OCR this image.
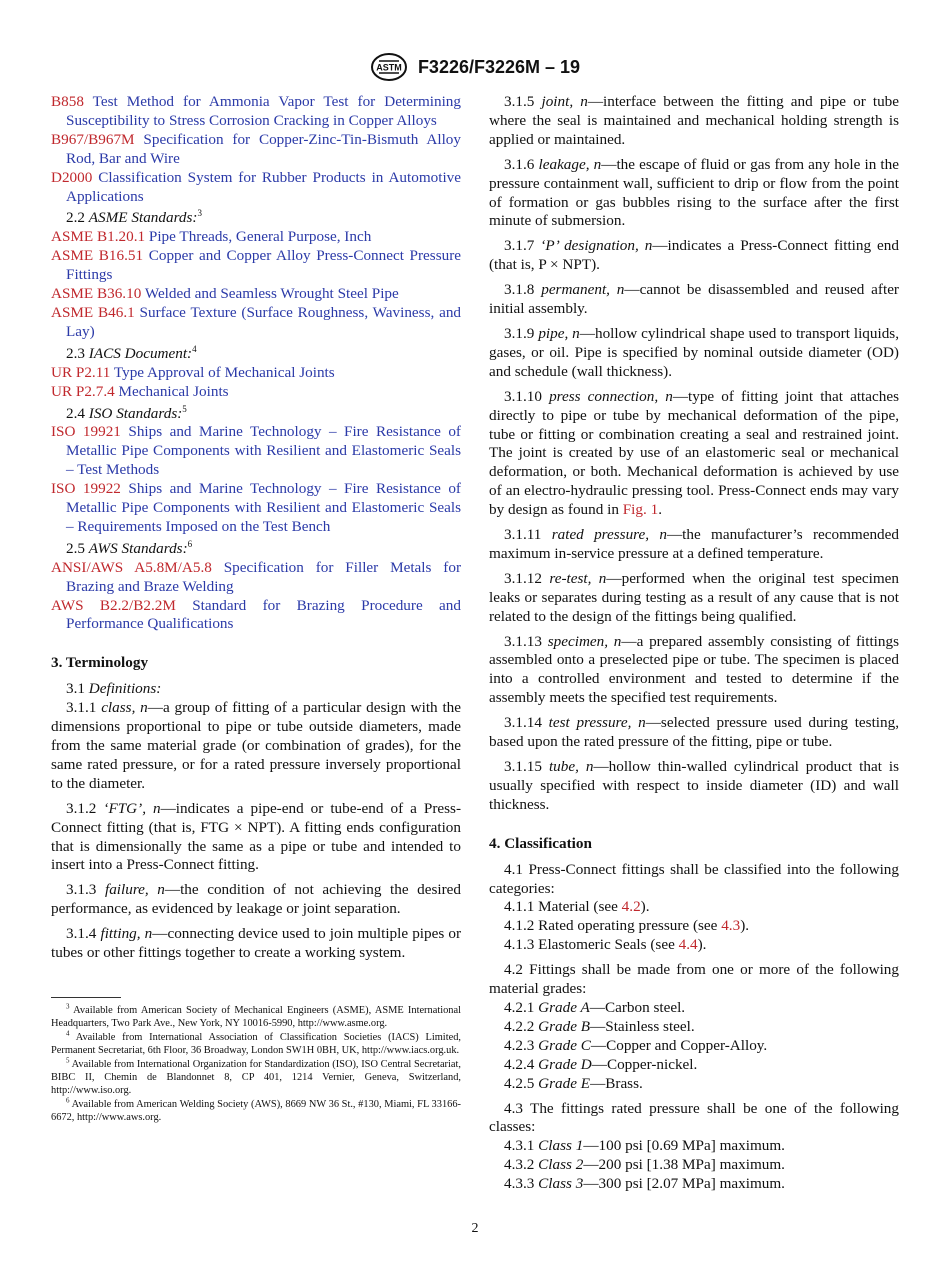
ASTM F3226/F3226M – 19
B858 Test Method for Ammonia Vapor Test for Determining Susceptibility to Stress Corrosion Cracking in Copper Alloys
B967/B967M Specification for Copper-Zinc-Tin-Bismuth Alloy Rod, Bar and Wire
D2000 Classification System for Rubber Products in Automotive Applications
2.2 ASME Standards:$^3$
ASME B1.20.1 Pipe Threads, General Purpose, Inch
ASME B16.51 Copper and Copper Alloy Press-Connect Pressure Fittings
ASME B36.10 Welded and Seamless Wrought Steel Pipe
ASME B46.1 Surface Texture (Surface Roughness, Waviness, and Lay)
2.3 IACS Document:$^4$
UR P2.11 Type Approval of Mechanical Joints
UR P2.7.4 Mechanical Joints
2.4 ISO Standards:$^5$
ISO 19921 Ships and Marine Technology – Fire Resistance of Metallic Pipe Components with Resilient and Elastomeric Seals – Test Methods
ISO 19922 Ships and Marine Technology – Fire Resistance of Metallic Pipe Components with Resilient and Elastomeric Seals – Requirements Imposed on the Test Bench
2.5 AWS Standards:$^6$
ANSI/AWS A5.8M/A5.8 Specification for Filler Metals for Brazing and Braze Welding
AWS B2.2/B2.2M Standard for Brazing Procedure and Performance Qualifications
3. Terminology
3.1 Definitions:
3.1.1 class, n—a group of fitting of a particular design with the dimensions proportional to pipe or tube outside diameters, made from the same material grade (or combination of grades), for the same rated pressure, or for a rated pressure inversely proportional to the diameter.
3.1.2 ‘FTG’, n—indicates a pipe-end or tube-end of a Press-Connect fitting (that is, FTG × NPT). A fitting ends configuration that is dimensionally the same as a pipe or tube and intended to insert into a Press-Connect fitting.
3.1.3 failure, n—the condition of not achieving the desired performance, as evidenced by leakage or joint separation.
3.1.4 fitting, n—connecting device used to join multiple pipes or tubes or other fittings together to create a working system.

$^3$ Available from American Society of Mechanical Engineers (ASME), ASME International Headquarters, Two Park Ave., New York, NY 10016-5990, http://www.asme.org.

$^4$ Available from International Association of Classification Societies (IACS) Limited, Permanent Secretariat, 6th Floor, 36 Broadway, London SW1H 0BH, UK, http://www.iacs.org.uk.

$^5$ Available from International Organization for Standardization (ISO), ISO Central Secretariat, BIBC II, Chemin de Blandonnet 8, CP 401, 1214 Vernier, Geneva, Switzerland, http://www.iso.org.

$^6$ Available from American Welding Society (AWS), 8669 NW 36 St., #130, Miami, FL 33166-6672, http://www.aws.org.

3.1.5 joint, n—interface between the fitting and pipe or tube where the seal is maintained and mechanical holding strength is applied or maintained.
3.1.6 leakage, n—the escape of fluid or gas from any hole in the pressure containment wall, sufficient to drip or flow from the point of formation or gas bubbles rising to the surface after the first minute of submersion.
3.1.7 ‘P’ designation, n—indicates a Press-Connect fitting end (that is, P × NPT).
3.1.8 permanent, n—cannot be disassembled and reused after initial assembly.
3.1.9 pipe, n—hollow cylindrical shape used to transport liquids, gases, or oil. Pipe is specified by nominal outside diameter (OD) and schedule (wall thickness).
3.1.10 press connection, n—type of fitting joint that attaches directly to pipe or tube by mechanical deformation of the pipe, tube or fitting or combination creating a seal and restrained joint. The joint is created by use of an elastomeric seal or mechanical deformation, or both. Mechanical deformation is achieved by use of an electro-hydraulic pressing tool. Press-Connect ends may vary by design as found in Fig. 1.
3.1.11 rated pressure, n—the manufacturer’s recommended maximum in-service pressure at a defined temperature.
3.1.12 re-test, n—performed when the original test specimen leaks or separates during testing as a result of any cause that is not related to the design of the fittings being qualified.
3.1.13 specimen, n—a prepared assembly consisting of fittings assembled onto a preselected pipe or tube. The specimen is placed into a controlled environment and tested to determine if the assembly meets the specified test requirements.
3.1.14 test pressure, n—selected pressure used during testing, based upon the rated pressure of the fitting, pipe or tube.
3.1.15 tube, n—hollow thin-walled cylindrical product that is usually specified with respect to inside diameter (ID) and wall thickness.
4. Classification
4.1 Press-Connect fittings shall be classified into the following categories:
4.1.1 Material (see 4.2).
4.1.2 Rated operating pressure (see 4.3).
4.1.3 Elastomeric Seals (see 4.4).
4.2 Fittings shall be made from one or more of the following material grades:
4.2.1 Grade A—Carbon steel.
4.2.2 Grade B—Stainless steel.
4.2.3 Grade C—Copper and Copper-Alloy.
4.2.4 Grade D—Copper-nickel.
4.2.5 Grade E—Brass.
4.3 The fittings rated pressure shall be one of the following classes:
4.3.1 Class 1—100 psi [0.69 MPa] maximum.
4.3.2 Class 2—200 psi [1.38 MPa] maximum.
4.3.3 Class 3—300 psi [2.07 MPa] maximum.
2
